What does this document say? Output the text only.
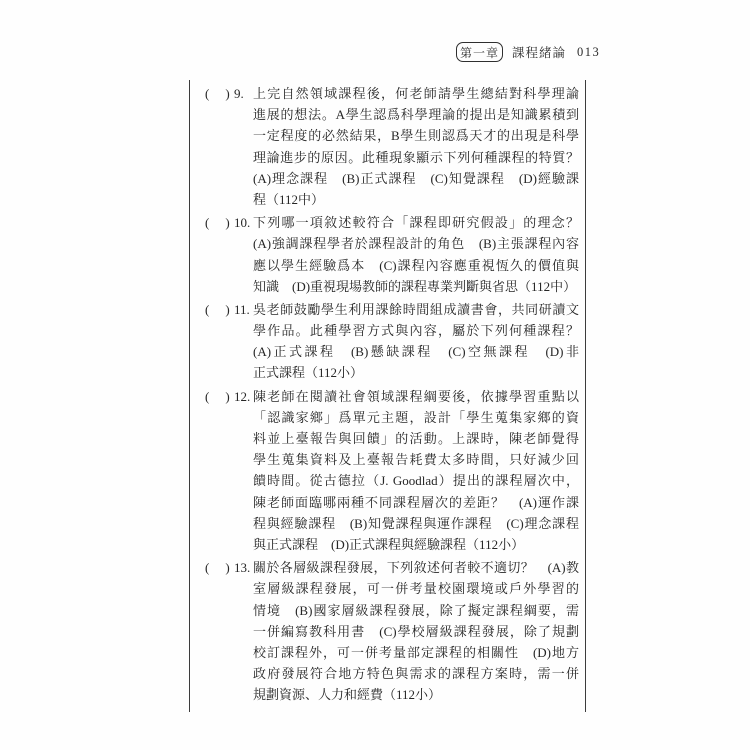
第一章	課程緒論 013
(　) 9. 上完自然領域課程後，何老師請學生總結對科學理論
進展的想法。A學生認爲科學理論的提出是知識累積到
一定程度的必然結果，B學生則認爲天才的出現是科學
理論進步的原因。此種現象顯示下列何種課程的特質？
(A)理念課程　(B)正式課程　(C)知覺課程　(D)經驗課
程（112中）
(　) 10. 下列哪一項敘述較符合「課程即研究假設」的理念？
(A)強調課程學者於課程設計的角色　(B)主張課程內容
應以學生經驗爲本　(C)課程內容應重視恆久的價值與
知識　(D)重視現場教師的課程專業判斷與省思（112中）
(　) 11. 吳老師鼓勵學生利用課餘時間組成讀書會，共同研讀文
學作品。此種學習方式與內容，屬於下列何種課程？
(A)正式課程　(B)懸缺課程　(C)空無課程　(D)非
正式課程（112小）
(　) 12. 陳老師在閱讀社會領域課程綱要後，依據學習重點以
「認識家鄉」爲單元主題，設計「學生蒐集家鄉的資
料並上臺報告與回饋」的活動。上課時，陳老師覺得
學生蒐集資料及上臺報告耗費太多時間，只好減少回
饋時間。從古德拉（J. Goodlad）提出的課程層次中，
陳老師面臨哪兩種不同課程層次的差距？　(A)運作課
程與經驗課程　(B)知覺課程與運作課程　(C)理念課程
與正式課程　(D)正式課程與經驗課程（112小）
(　) 13. 關於各層級課程發展，下列敘述何者較不適切？　(A)教
室層級課程發展，可一併考量校園環境或戶外學習的
情境　(B)國家層級課程發展，除了擬定課程綱要，需
一併編寫教科用書　(C)學校層級課程發展，除了規劃
校訂課程外，可一併考量部定課程的相關性　(D)地方
政府發展符合地方特色與需求的課程方案時，需一併
規劃資源、人力和經費（112小）
